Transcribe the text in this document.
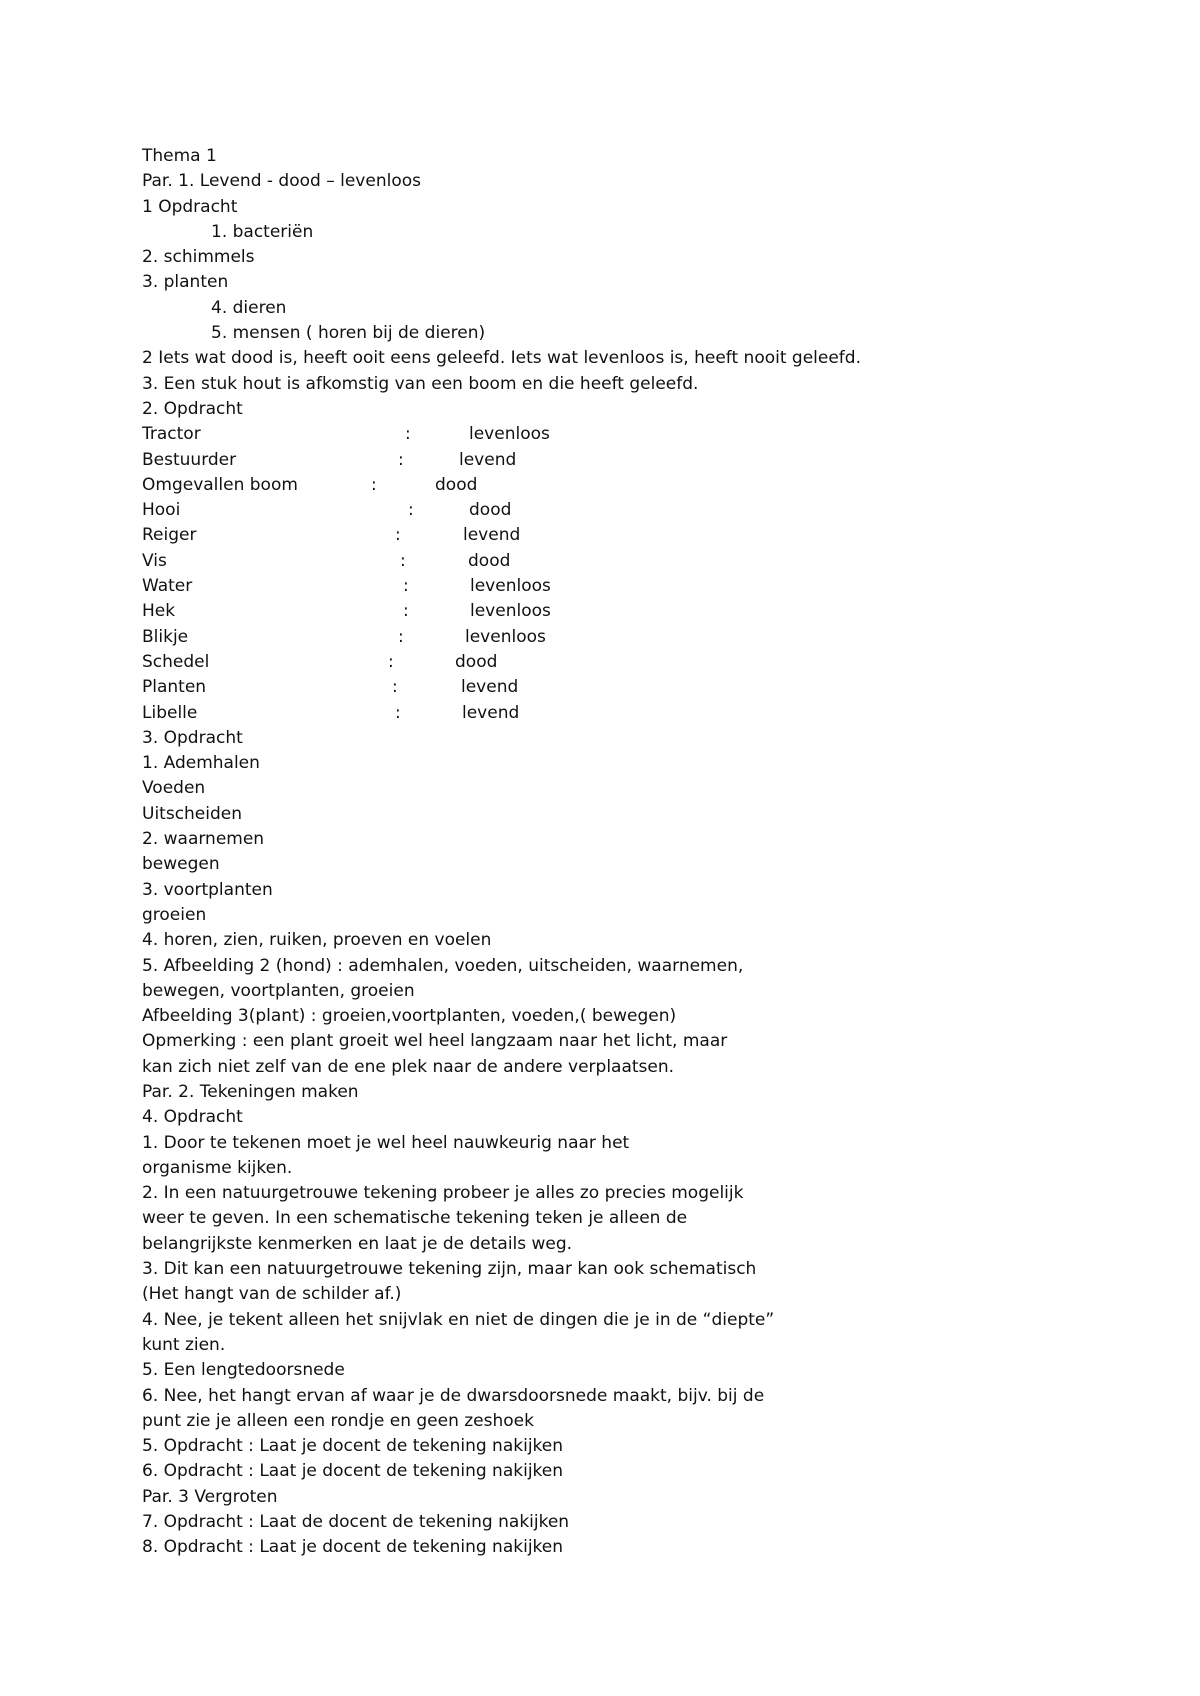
Thema 1
Par. 1. Levend - dood – levenloos
1 Opdracht
1. bacteriën
2. schimmels
3. planten
4. dieren
5. mensen ( horen bij de dieren)
2 Iets wat dood is, heeft ooit eens geleefd. Iets wat levenloos is, heeft nooit geleefd.
3. Een stuk hout is afkomstig van een boom en die heeft geleefd.
2. Opdracht
Tractor	:	levenloos
Bestuurder	:	levend
Omgevallen boom	:	dood
Hooi	:	dood
Reiger	:	levend
Vis	:	dood
Water	:	levenloos
Hek	:	levenloos
Blikje	:	levenloos
Schedel	:	dood
Planten	:	levend
Libelle	:	levend
3. Opdracht
1. Ademhalen
Voeden
Uitscheiden
2. waarnemen
bewegen
3. voortplanten
groeien
4. horen, zien, ruiken, proeven en voelen
5. Afbeelding 2 (hond) : ademhalen, voeden, uitscheiden, waarnemen,
bewegen, voortplanten, groeien
Afbeelding 3(plant) : groeien,voortplanten, voeden,( bewegen)
Opmerking : een plant groeit wel heel langzaam naar het licht, maar
kan zich niet zelf van de ene plek naar de andere verplaatsen.
Par. 2. Tekeningen maken
4. Opdracht
1. Door te tekenen moet je wel heel nauwkeurig naar het
organisme kijken.
2. In een natuurgetrouwe tekening probeer je alles zo precies mogelijk
weer te geven. In een schematische tekening teken je alleen de
belangrijkste kenmerken en laat je de details weg.
3. Dit kan een natuurgetrouwe tekening zijn, maar kan ook schematisch
(Het hangt van de schilder af.)
4. Nee, je tekent alleen het snijvlak en niet de dingen die je in de “diepte”
kunt zien.
5. Een lengtedoorsnede
6. Nee, het hangt ervan af waar je de dwarsdoorsnede maakt, bijv. bij de
punt zie je alleen een rondje en geen zeshoek
5. Opdracht : Laat je docent de tekening nakijken
6. Opdracht : Laat je docent de tekening nakijken
Par. 3 Vergroten
7. Opdracht : Laat de docent de tekening nakijken
8. Opdracht : Laat je docent de tekening nakijken
